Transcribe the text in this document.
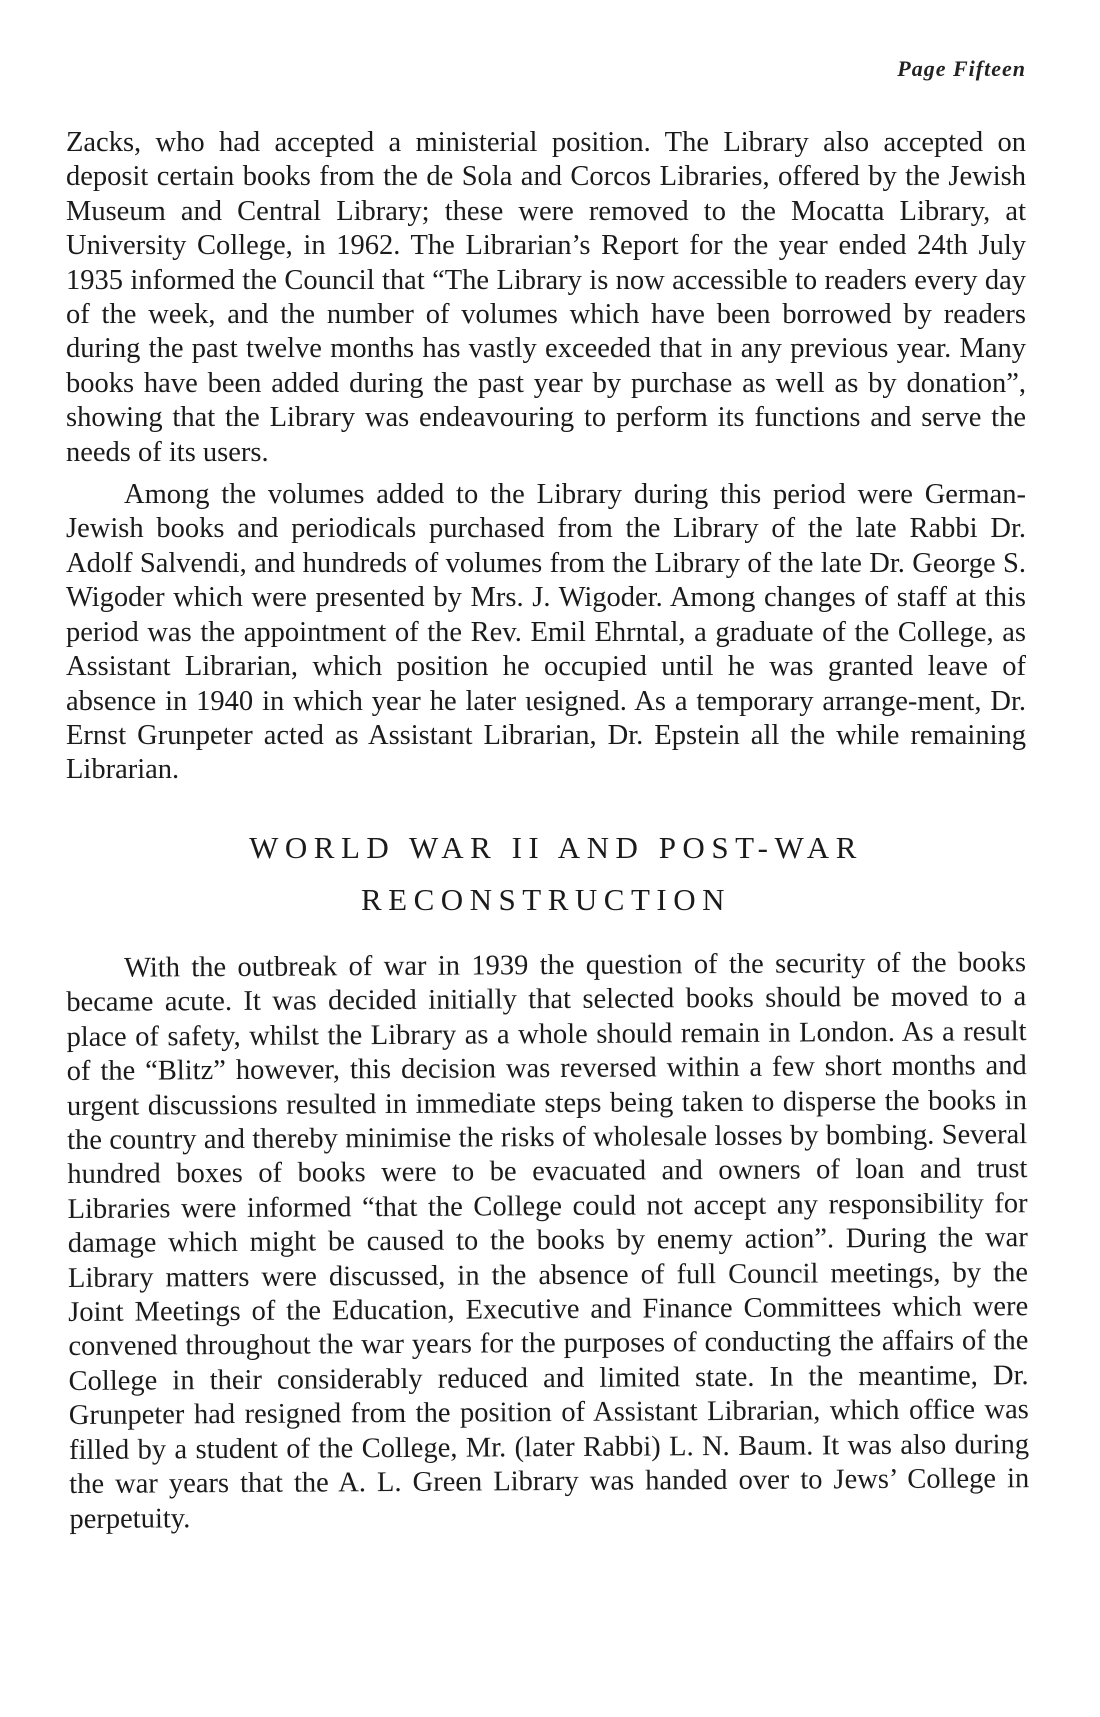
Page Fifteen

Zacks, who had accepted a ministerial position. The Library also accepted on deposit certain books from the de Sola and Corcos Libraries, offered by the Jewish Museum and Central Library; these were removed to the Mocatta Library, at University College, in 1962. The Librarian’s Report for the year ended 24th July 1935 informed the Council that “The Library is now accessible to readers every day of the week, and the number of volumes which have been borrowed by readers during the past twelve months has vastly exceeded that in any previous year. Many books have been added during the past year by purchase as well as by donation”, showing that the Library was endeavouring to perform its functions and serve the needs of its users.

Among the volumes added to the Library during this period were German-Jewish books and periodicals purchased from the Library of the late Rabbi Dr. Adolf Salvendi, and hundreds of volumes from the Library of the late Dr. George S. Wigoder which were presented by Mrs. J. Wigoder. Among changes of staff at this period was the appointment of the Rev. Emil Ehrntal, a graduate of the College, as Assistant Librarian, which position he occupied until he was granted leave of absence in 1940 in which year he later ιesigned. As a temporary arrange-ment, Dr. Ernst Grunpeter acted as Assistant Librarian, Dr. Epstein all the while remaining Librarian.

WORLD WAR II AND POST-WAR
RECONSTRUCTION

With the outbreak of war in 1939 the question of the security of the books became acute. It was decided initially that selected books should be moved to a place of safety, whilst the Library as a whole should remain in London. As a result of the “Blitz” however, this decision was reversed within a few short months and urgent discussions resulted in immediate steps being taken to disperse the books in the country and thereby minimise the risks of wholesale losses by bombing. Several hundred boxes of books were to be evacuated and owners of loan and trust Libraries were informed “that the College could not accept any responsibility for damage which might be caused to the books by enemy action”. During the war Library matters were discussed, in the absence of full Council meetings, by the Joint Meetings of the Education, Executive and Finance Committees which were convened throughout the war years for the purposes of conducting the affairs of the College in their considerably reduced and limited state. In the meantime, Dr. Grunpeter had resigned from the position of Assistant Librarian, which office was filled by a student of the College, Mr. (later Rabbi) L. N. Baum. It was also during the war years that the A. L. Green Library was handed over to Jews’ College in perpetuity.
